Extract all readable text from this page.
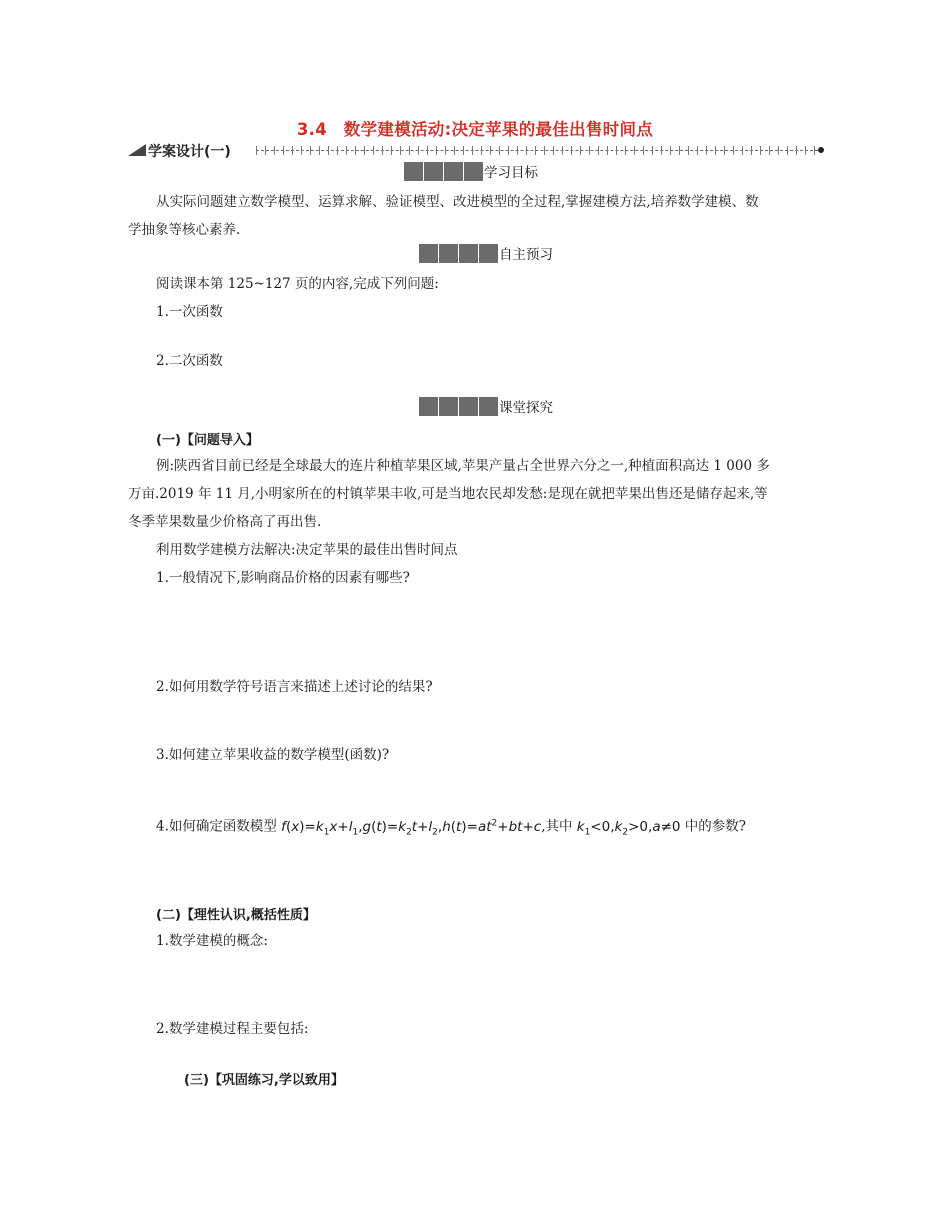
3.4　数学建模活动:决定苹果的最佳出售时间点
学案设计(一)
学习目标
从实际问题建立数学模型、运算求解、验证模型、改进模型的全过程,掌握建模方法,培养数学建模、数
学抽象等核心素养.
自主预习
阅读课本第 125~127 页的内容,完成下列问题:
1.一次函数
2.二次函数
课堂探究
(一)【问题导入】
例:陕西省目前已经是全球最大的连片种植苹果区域,苹果产量占全世界六分之一,种植面积高达 1 000 多
万亩.2019 年 11 月,小明家所在的村镇苹果丰收,可是当地农民却发愁:是现在就把苹果出售还是储存起来,等
冬季苹果数量少价格高了再出售.
利用数学建模方法解决:决定苹果的最佳出售时间点
1.一般情况下,影响商品价格的因素有哪些?
2.如何用数学符号语言来描述上述讨论的结果?
3.如何建立苹果收益的数学模型(函数)?
4.如何确定函数模型 $f(x)=k_1x+l_1,g(t)=k_2t+l_2,h(t)=at^2+bt+c$,其中 $k_1<0,k_2>0,a\ne 0$ 中的参数?
(二)【理性认识,概括性质】
1.数学建模的概念:
2.数学建模过程主要包括:
(三)【巩固练习,学以致用】
